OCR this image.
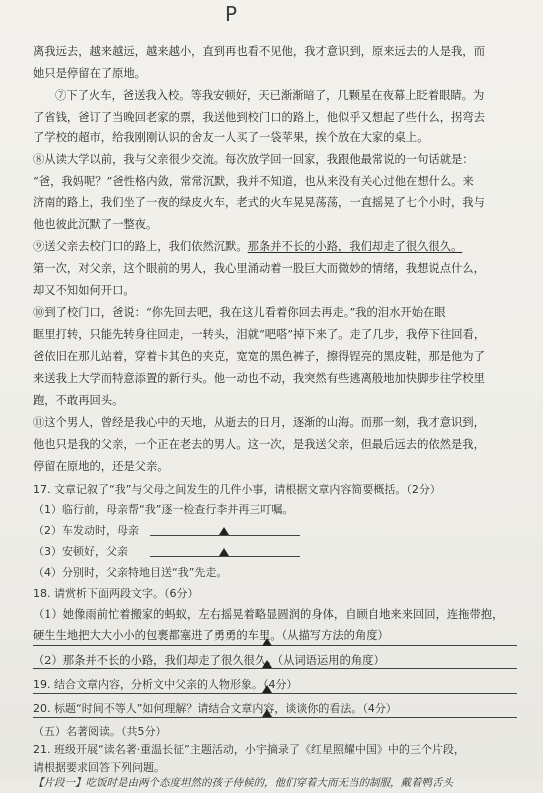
P
离我远去，越来越远，越来越小，直到再也看不见他，我才意识到，原来远去的人是我，而
她只是停留在了原地。
⑦下了火车，爸送我入校。等我安顿好，天已渐渐暗了，几颗星在夜幕上眨着眼睛。为
了省钱，爸订了当晚回老家的票，我送他到校门口的路上，他似乎又想起了些什么，拐弯去
了学校的超市，给我刚刚认识的舍友一人买了一袋苹果，挨个放在大家的桌上。
⑧从读大学以前，我与父亲很少交流。每次放学回一回家，我跟他最常说的一句话就是：
“爸，我妈呢？”爸性格内敛，常常沉默，我并不知道，也从来没有关心过他在想什么。来
济南的路上，我们坐了一夜的绿皮火车，老式的火车晃晃荡荡，一直摇晃了七个小时，我与
他也彼此沉默了一整夜。
⑨送父亲去校门口的路上，我们依然沉默。那条并不长的小路，我们却走了很久很久。
第一次，对父亲，这个眼前的男人，我心里涌动着一股巨大而微妙的情绪，我想说点什么，
却又不知如何开口。
⑩到了校门口，爸说：“你先回去吧，我在这儿看着你回去再走。”我的泪水开始在眼
眶里打转，只能先转身往回走，一转头，泪就“吧嗒”掉下来了。走了几步，我停下往回看，
爸依旧在那儿站着，穿着卡其色的夹克，宽宽的黑色裤子，擦得锃亮的黑皮鞋，那是他为了
来送我上大学而特意添置的新行头。他一动也不动，我突然有些逃离般地加快脚步往学校里
跑，不敢再回头。
⑪这个男人，曾经是我心中的天地，从逝去的日月，逐渐的山海。而那一刻，我才意识到，
他也只是我的父亲，一个正在老去的男人。这一次，是我送父亲，但最后远去的依然是我，
停留在原地的，还是父亲。
17. 文章记叙了“我”与父母之间发生的几件小事，请根据文章内容简要概括。（2分）
（1）临行前，母亲帮“我”逐一检查行李并再三叮嘱。
（2）车发动时，母亲
（3）安顿好，父亲
（4）分别时，父亲特地目送“我”先走。
18. 请赏析下面两段文字。（6分）
（1）她像雨前忙着搬家的蚂蚁，左右摇晃着略显圆润的身体，自顾自地来来回回，连拖带抱，
硬生生地把大大小小的包裹都塞进了勇勇的车里。（从描写方法的角度）
（2）那条并不长的小路，我们却走了很久很久。（从词语运用的角度）
19. 结合文章内容，分析文中父亲的人物形象。（4分）
20. 标题“时间不等人”如何理解？请结合文章内容，谈谈你的看法。（4分）
（五）名著阅读。（共5分）
21. 班级开展“读名著·重温长征”主题活动，小宇摘录了《红星照耀中国》中的三个片段，
请根据要求回答下列问题。
【片段一】吃饭时是由两个态度坦然的孩子侍候的，他们穿着大而无当的制服，戴着鸭舌头
